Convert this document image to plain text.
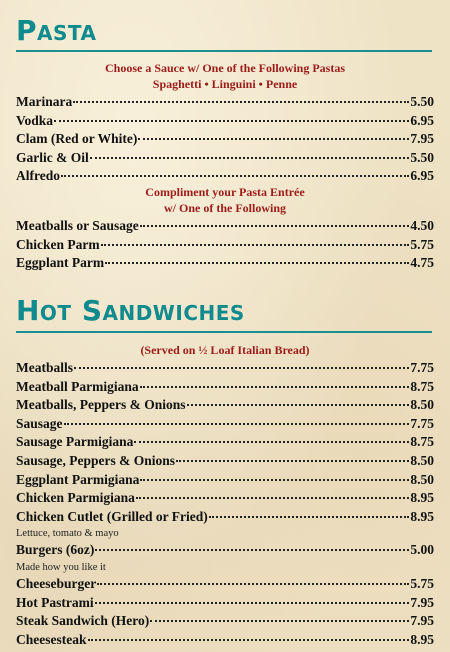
Pasta
Choose a Sauce w/ One of the Following Pastas
Spaghetti • Linguini • Penne
Marinara	5.50
Vodka	6.95
Clam (Red or White)	7.95
Garlic & Oil	5.50
Alfredo	6.95
Compliment your Pasta Entrée
w/ One of the Following
Meatballs or Sausage	4.50
Chicken Parm	5.75
Eggplant Parm	4.75
Hot Sandwiches
(Served on ½ Loaf Italian Bread)
Meatballs	7.75
Meatball Parmigiana	8.75
Meatballs, Peppers & Onions	8.50
Sausage	7.75
Sausage Parmigiana	8.75
Sausage, Peppers & Onions	8.50
Eggplant Parmigiana	8.50
Chicken Parmigiana	8.95
Chicken Cutlet (Grilled or Fried)	8.95
Lettuce, tomato & mayo
Burgers (6oz)	5.00
Made how you like it
Cheeseburger	5.75
Hot Pastrami	7.95
Steak Sandwich (Hero)	7.95
Cheesesteak	8.95
